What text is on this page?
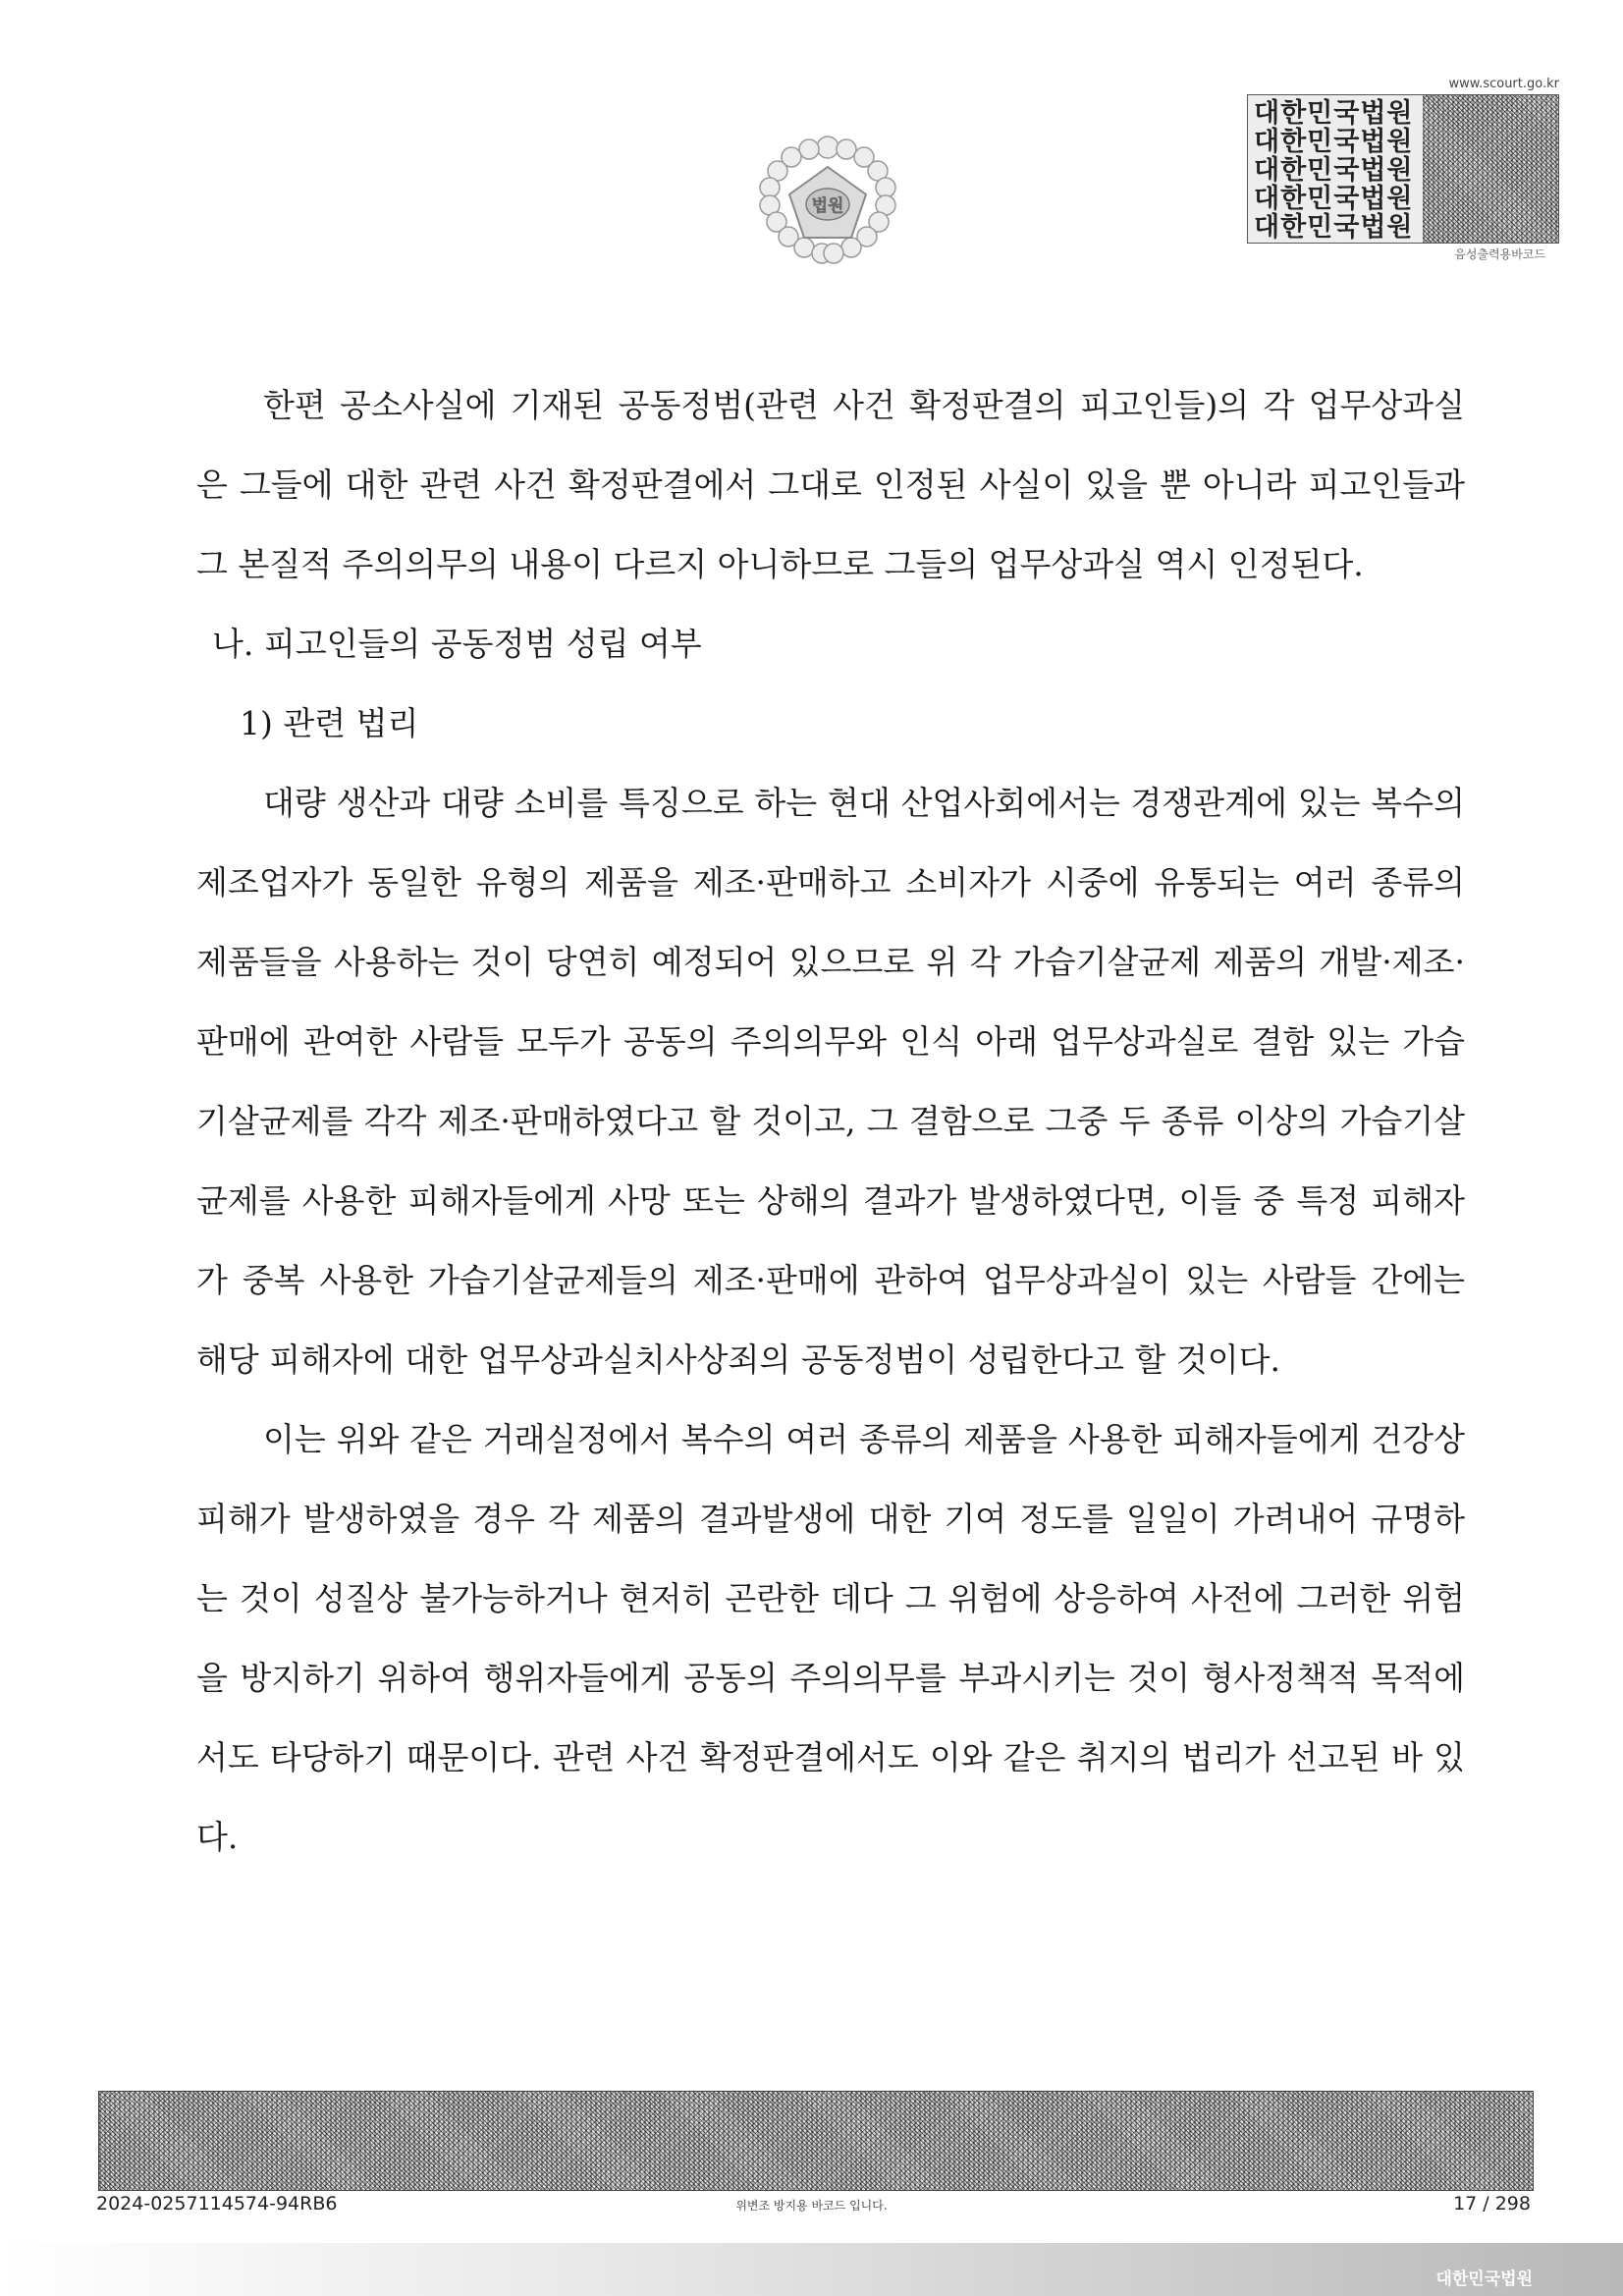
법원
www.scourt.go.kr
대한민국법원
대한민국법원
대한민국법원
대한민국법원
대한민국법원
음성출력용바코드

한편 공소사실에 기재된 공동정범(관련 사건 확정판결의 피고인들)의 각 업무상과실은 그들에 대한 관련 사건 확정판결에서 그대로 인정된 사실이 있을 뿐 아니라 피고인들과 그 본질적 주의의무의 내용이 다르지 아니하므로 그들의 업무상과실 역시 인정된다.

나. 피고인들의 공동정범 성립 여부

1) 관련 법리

대량 생산과 대량 소비를 특징으로 하는 현대 산업사회에서는 경쟁관계에 있는 복수의 제조업자가 동일한 유형의 제품을 제조·판매하고 소비자가 시중에 유통되는 여러 종류의 제품들을 사용하는 것이 당연히 예정되어 있으므로 위 각 가습기살균제 제품의 개발·제조·판매에 관여한 사람들 모두가 공동의 주의의무와 인식 아래 업무상과실로 결함 있는 가습기살균제를 각각 제조·판매하였다고 할 것이고, 그 결함으로 그중 두 종류 이상의 가습기살균제를 사용한 피해자들에게 사망 또는 상해의 결과가 발생하였다면, 이들 중 특정 피해자가 중복 사용한 가습기살균제들의 제조·판매에 관하여 업무상과실이 있는 사람들 간에는 해당 피해자에 대한 업무상과실치사상죄의 공동정범이 성립한다고 할 것이다.

이는 위와 같은 거래실정에서 복수의 여러 종류의 제품을 사용한 피해자들에게 건강상 피해가 발생하였을 경우 각 제품의 결과발생에 대한 기여 정도를 일일이 가려내어 규명하는 것이 성질상 불가능하거나 현저히 곤란한 데다 그 위험에 상응하여 사전에 그러한 위험을 방지하기 위하여 행위자들에게 공동의 주의의무를 부과시키는 것이 형사정책적 목적에서도 타당하기 때문이다. 관련 사건 확정판결에서도 이와 같은 취지의 법리가 선고된 바 있다.

2024-0257114574-94RB6	위변조 방지용 바코드 입니다.	17 / 298
대한민국법원
